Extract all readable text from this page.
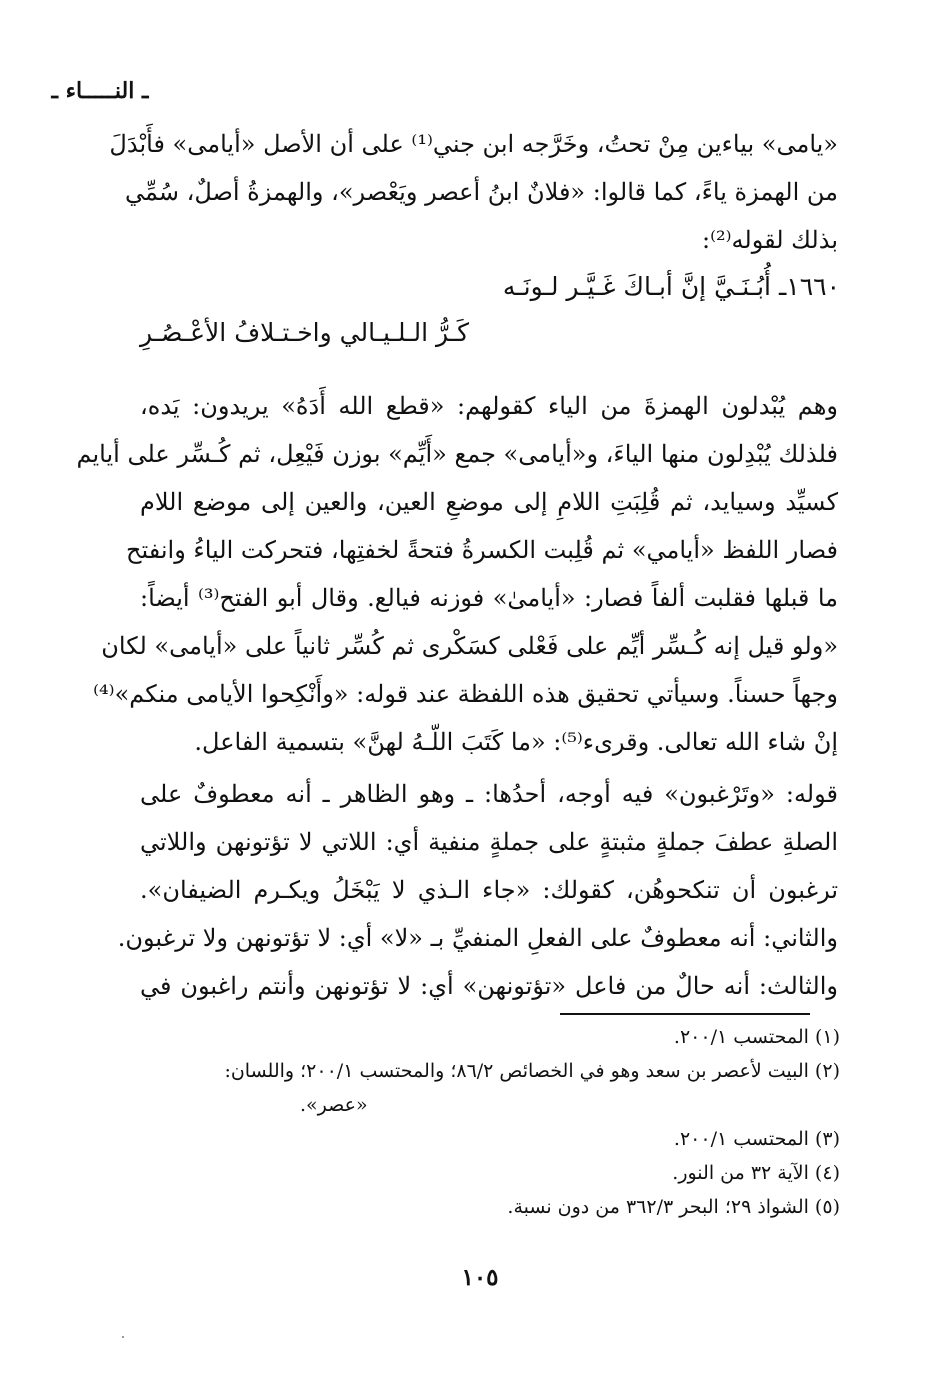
ـ النـــــاء ـ
«يامى» بياءين مِنْ تحتُ، وخَرَّجه ابن جني⁽¹⁾ على أن الأصل «أيامى» فأَبْدَلَ
من الهمزة ياءً، كما قالوا: «فلانٌ ابنُ أعصر ويَعْصر»، والهمزةُ أصلٌ، سُمِّي
بذلك لقوله⁽²⁾:
١٦٦٠ـ أُبُـنَـيَّ إنَّ أبـاكَ غَـيَّـر لـونَـه
كَـرُّ الـلـيـالي واخـتـلافُ الأعْـصُـرِ
وهم يُبْدلون الهمزةَ من الياء كقولهم: «قطع الله أَدَهُ» يريدون: يَده،
فلذلك يُبْدِلون منها الياءَ، و«أيامى» جمع «أَيِّم» بوزن فَيْعِل، ثم كُـسِّر على أيايم
كسيِّد وسيايد، ثم قُلِبَتِ اللامِ إلى موضعِ العين، والعين إلى موضع اللام
فصار اللفظ «أيامي» ثم قُلِبت الكسرةُ فتحةً لخفتِها، فتحركت الياءُ وانفتح
ما قبلها فقلبت ألفاً فصار: «أيامىٰ» فوزنه فيالع. وقال أبو الفتح⁽³⁾ أيضاً:
«ولو قيل إنه كُـسِّر أيِّم على فَعْلى كسَكْرى ثم كُسِّر ثانياً على «أيامى» لكان
وجهاً حسناً. وسيأتي تحقيق هذه اللفظة عند قوله: «وأَنْكِحوا الأيامى منكم»⁽⁴⁾
إنْ شاء الله تعالى. وقرىء⁽⁵⁾: «ما كَتَبَ اللّـهُ لهنَّ» بتسمية الفاعل.
قوله: «وتَرْغبون» فيه أوجه، أحدُها: ـ وهو الظاهر ـ أنه معطوفٌ على
الصلةِ عطفَ جملةٍ مثبتةٍ على جملةٍ منفية أي: اللاتي لا تؤتونهن واللاتي
ترغبون أن تنكحوهُن، كقولك: «جاء الـذي لا يَبْخَلُ ويكـرم الضيفان».
والثاني: أنه معطوفٌ على الفعلِ المنفيِّ بـ «لا» أي: لا تؤتونهن ولا ترغبون.
والثالث: أنه حالٌ من فاعل «تؤتونهن» أي: لا تؤتونهن وأنتم راغبون في
(١) المحتسب ٢٠٠/١.
(٢) البيت لأعصر بن سعد وهو في الخصائص ٨٦/٢؛ والمحتسب ٢٠٠/١؛ واللسان:
«عصر».
(٣) المحتسب ٢٠٠/١.
(٤) الآية ٣٢ من النور.
(٥) الشواذ ٢٩؛ البحر ٣٦٢/٣ من دون نسبة.
١٠٥
